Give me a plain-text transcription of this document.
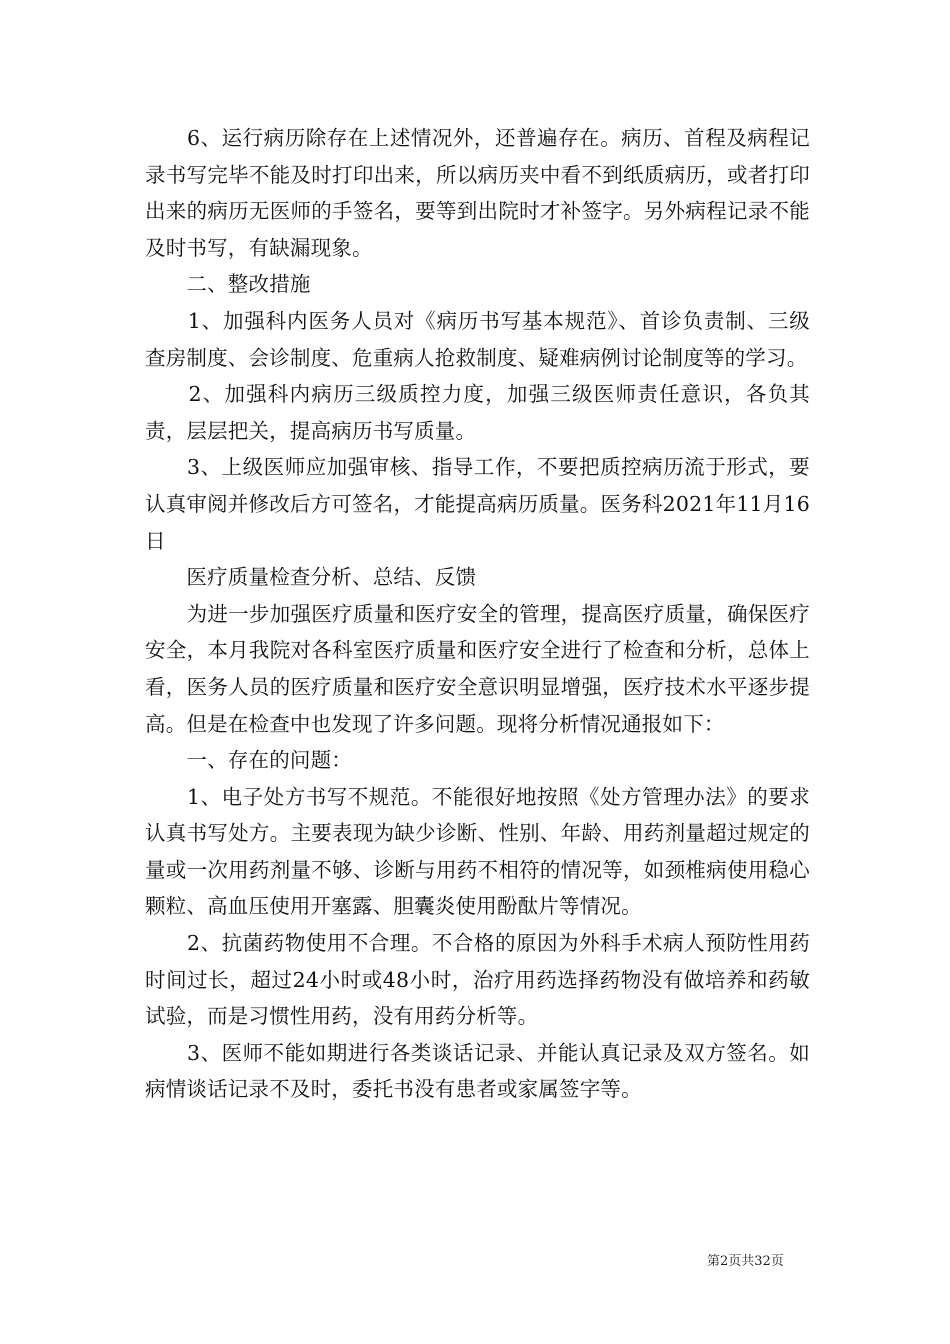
　　6、运行病历除存在上述情况外，还普遍存在。病历、首程及病程记录书写完毕不能及时打印出来，所以病历夹中看不到纸质病历，或者打印出来的病历无医师的手签名，要等到出院时才补签字。另外病程记录不能及时书写，有缺漏现象。

　　二、整改措施

　　1、加强科内医务人员对《病历书写基本规范》、首诊负责制、三级查房制度、会诊制度、危重病人抢救制度、疑难病例讨论制度等的学习。

　　2、加强科内病历三级质控力度，加强三级医师责任意识，各负其责，层层把关，提高病历书写质量。

　　3、上级医师应加强审核、指导工作，不要把质控病历流于形式，要认真审阅并修改后方可签名，才能提高病历质量。医务科2021年11月16日

　　医疗质量检查分析、总结、反馈

　　为进一步加强医疗质量和医疗安全的管理，提高医疗质量，确保医疗安全，本月我院对各科室医疗质量和医疗安全进行了检查和分析，总体上看，医务人员的医疗质量和医疗安全意识明显增强，医疗技术水平逐步提高。但是在检查中也发现了许多问题。现将分析情况通报如下：

　　一、存在的问题：

　　1、电子处方书写不规范。不能很好地按照《处方管理办法》的要求认真书写处方。主要表现为缺少诊断、性别、年龄、用药剂量超过规定的量或一次用药剂量不够、诊断与用药不相符的情况等，如颈椎病使用稳心颗粒、高血压使用开塞露、胆囊炎使用酚酞片等情况。

　　2、抗菌药物使用不合理。不合格的原因为外科手术病人预防性用药时间过长，超过24小时或48小时，治疗用药选择药物没有做培养和药敏试验，而是习惯性用药，没有用药分析等。

　　3、医师不能如期进行各类谈话记录、并能认真记录及双方签名。如病情谈话记录不及时，委托书没有患者或家属签字等。

第2页共32页
